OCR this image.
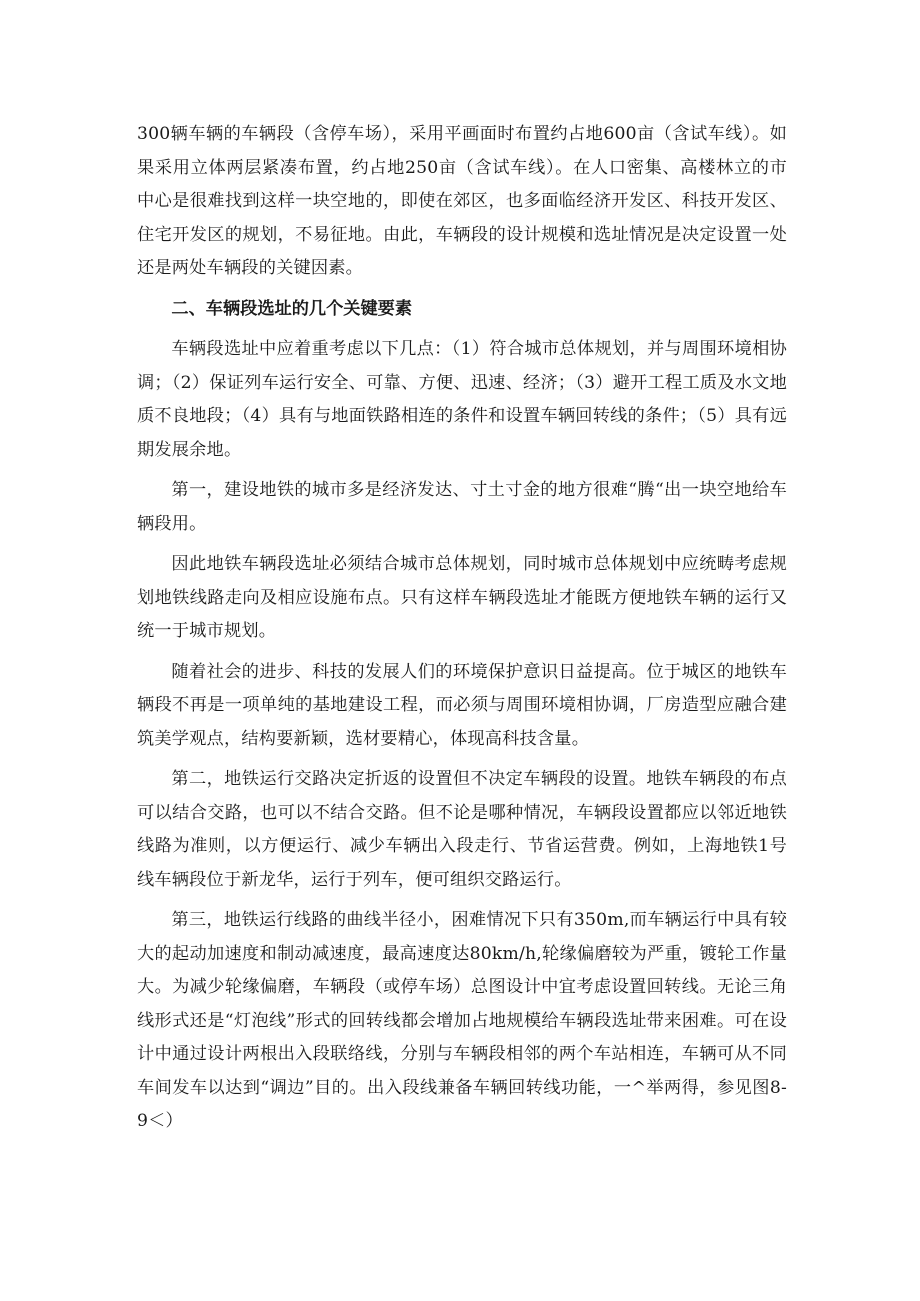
300辆车辆的车辆段（含停车场），采用平画面时布置约占地600亩（含试车线）。如果采用立体两层紧凑布置，约占地250亩（含试车线）。在人口密集、高楼林立的市中心是很难找到这样一块空地的，即使在郊区，也多面临经济开发区、科技开发区、住宅开发区的规划，不易征地。由此，车辆段的设计规模和选址情况是决定设置一处还是两处车辆段的关键因素。

二、车辆段选址的几个关键要素

车辆段选址中应着重考虑以下几点：（1）符合城市总体规划，并与周围环境相协调；（2）保证列车运行安全、可靠、方便、迅速、经济；（3）避开工程工质及水文地质不良地段；（4）具有与地面铁路相连的条件和设置车辆回转线的条件；（5）具有远期发展余地。

第一，建设地铁的城市多是经济发达、寸土寸金的地方很难“腾“出一块空地给车辆段用。

因此地铁车辆段选址必须结合城市总体规划，同时城市总体规划中应统畴考虑规划地铁线路走向及相应设施布点。只有这样车辆段选址才能既方便地铁车辆的运行又统一于城市规划。

随着社会的进步、科技的发展人们的环境保护意识日益提高。位于城区的地铁车辆段不再是一项单纯的基地建设工程，而必须与周围环境相协调，厂房造型应融合建筑美学观点，结构要新颖，选材要精心，体现高科技含量。

第二，地铁运行交路决定折返的设置但不决定车辆段的设置。地铁车辆段的布点可以结合交路，也可以不结合交路。但不论是哪种情况，车辆段设置都应以邻近地铁线路为准则，以方便运行、减少车辆出入段走行、节省运营费。例如，上海地铁1号线车辆段位于新龙华，运行于列车，便可组织交路运行。

第三，地铁运行线路的曲线半径小，困难情况下只有350m,而车辆运行中具有较大的起动加速度和制动减速度，最高速度达80km∕h,轮缘偏磨较为严重，镀轮工作量大。为减少轮缘偏磨，车辆段（或停车场）总图设计中宜考虑设置回转线。无论三角线形式还是“灯泡线”形式的回转线都会增加占地规模给车辆段选址带来困难。可在设计中通过设计两根出入段联络线，分别与车辆段相邻的两个车站相连，车辆可从不同车间发车以达到“调边”目的。出入段线兼备车辆回转线功能，一^举两得，参见图8-9＜）
